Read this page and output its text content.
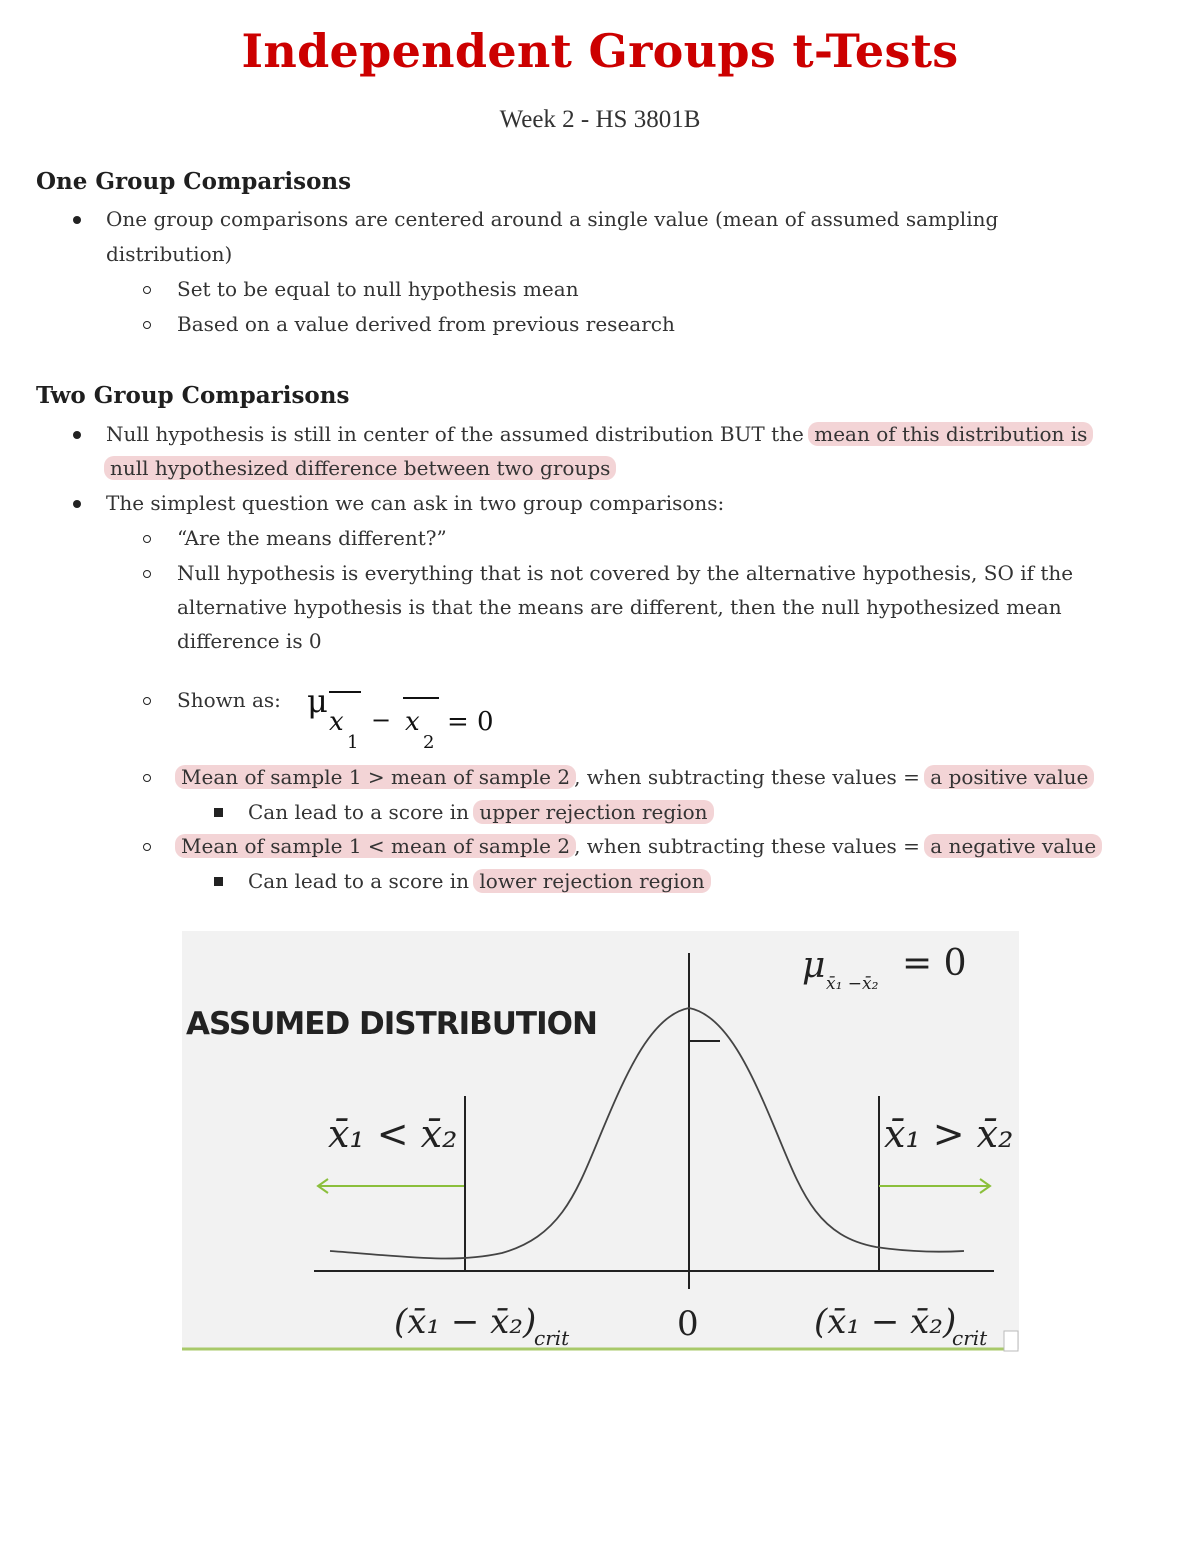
Independent Groups t-Tests
Week 2 - HS 3801B
One Group Comparisons
One group comparisons are centered around a single value (mean of assumed sampling
distribution)
Set to be equal to null hypothesis mean
Based on a value derived from previous research
Two Group Comparisons
Null hypothesis is still in center of the assumed distribution BUT the mean of this distribution is
null hypothesized difference between two groups
The simplest question we can ask in two group comparisons:
“Are the means different?”
Null hypothesis is everything that is not covered by the alternative hypothesis, SO if the
alternative hypothesis is that the means are different, then the null hypothesized mean
difference is 0
Shown as: μ
x
1
− x
2
= 0
Mean of sample 1 > mean of sample 2 , when subtracting these values = a positive value
Can lead to a score in upper rejection region
Mean of sample 1 < mean of sample 2 , when subtracting these values = a negative value
Can lead to a score in lower rejection region
ASSUMED DISTRIBUTION
μ x̄₁ −x̄₂ = 0
x̄₁ < x̄₂	x̄₁ > x̄₂
(x̄₁ − x̄₂)
crit	0	(x̄₁ − x̄₂)
crit
